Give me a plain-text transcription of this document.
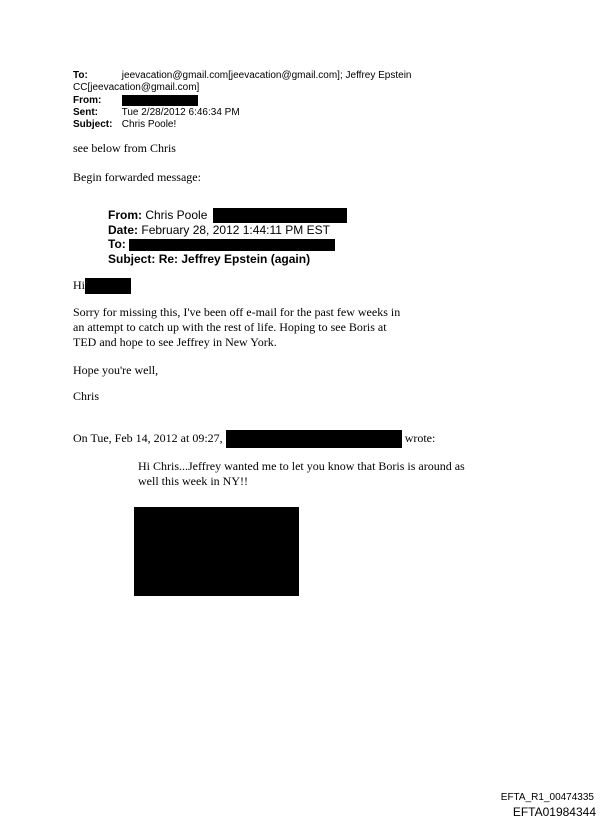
To:	jeevacation@gmail.com[jeevacation@gmail.com]; Jeffrey Epstein
CC[jeevacation@gmail.com]
From:
Sent: Tue 2/28/2012 6:46:34 PM
Subject: Chris Poole!
see below from Chris
Begin forwarded message:
From: Chris Poole
Date: February 28, 2012 1:44:11 PM EST
To:
Subject: Re: Jeffrey Epstein (again)
Hi
Sorry for missing this, I've been off e-mail for the past few weeks in an attempt to catch up with the rest of life. Hoping to see Boris at TED and hope to see Jeffrey in New York.
Hope you're well,
Chris
On Tue, Feb 14, 2012 at 09:27,	wrote:
Hi Chris...Jeffrey wanted me to let you know that Boris is around as well this week in NY!!
EFTA_R1_00474335
EFTA01984344
